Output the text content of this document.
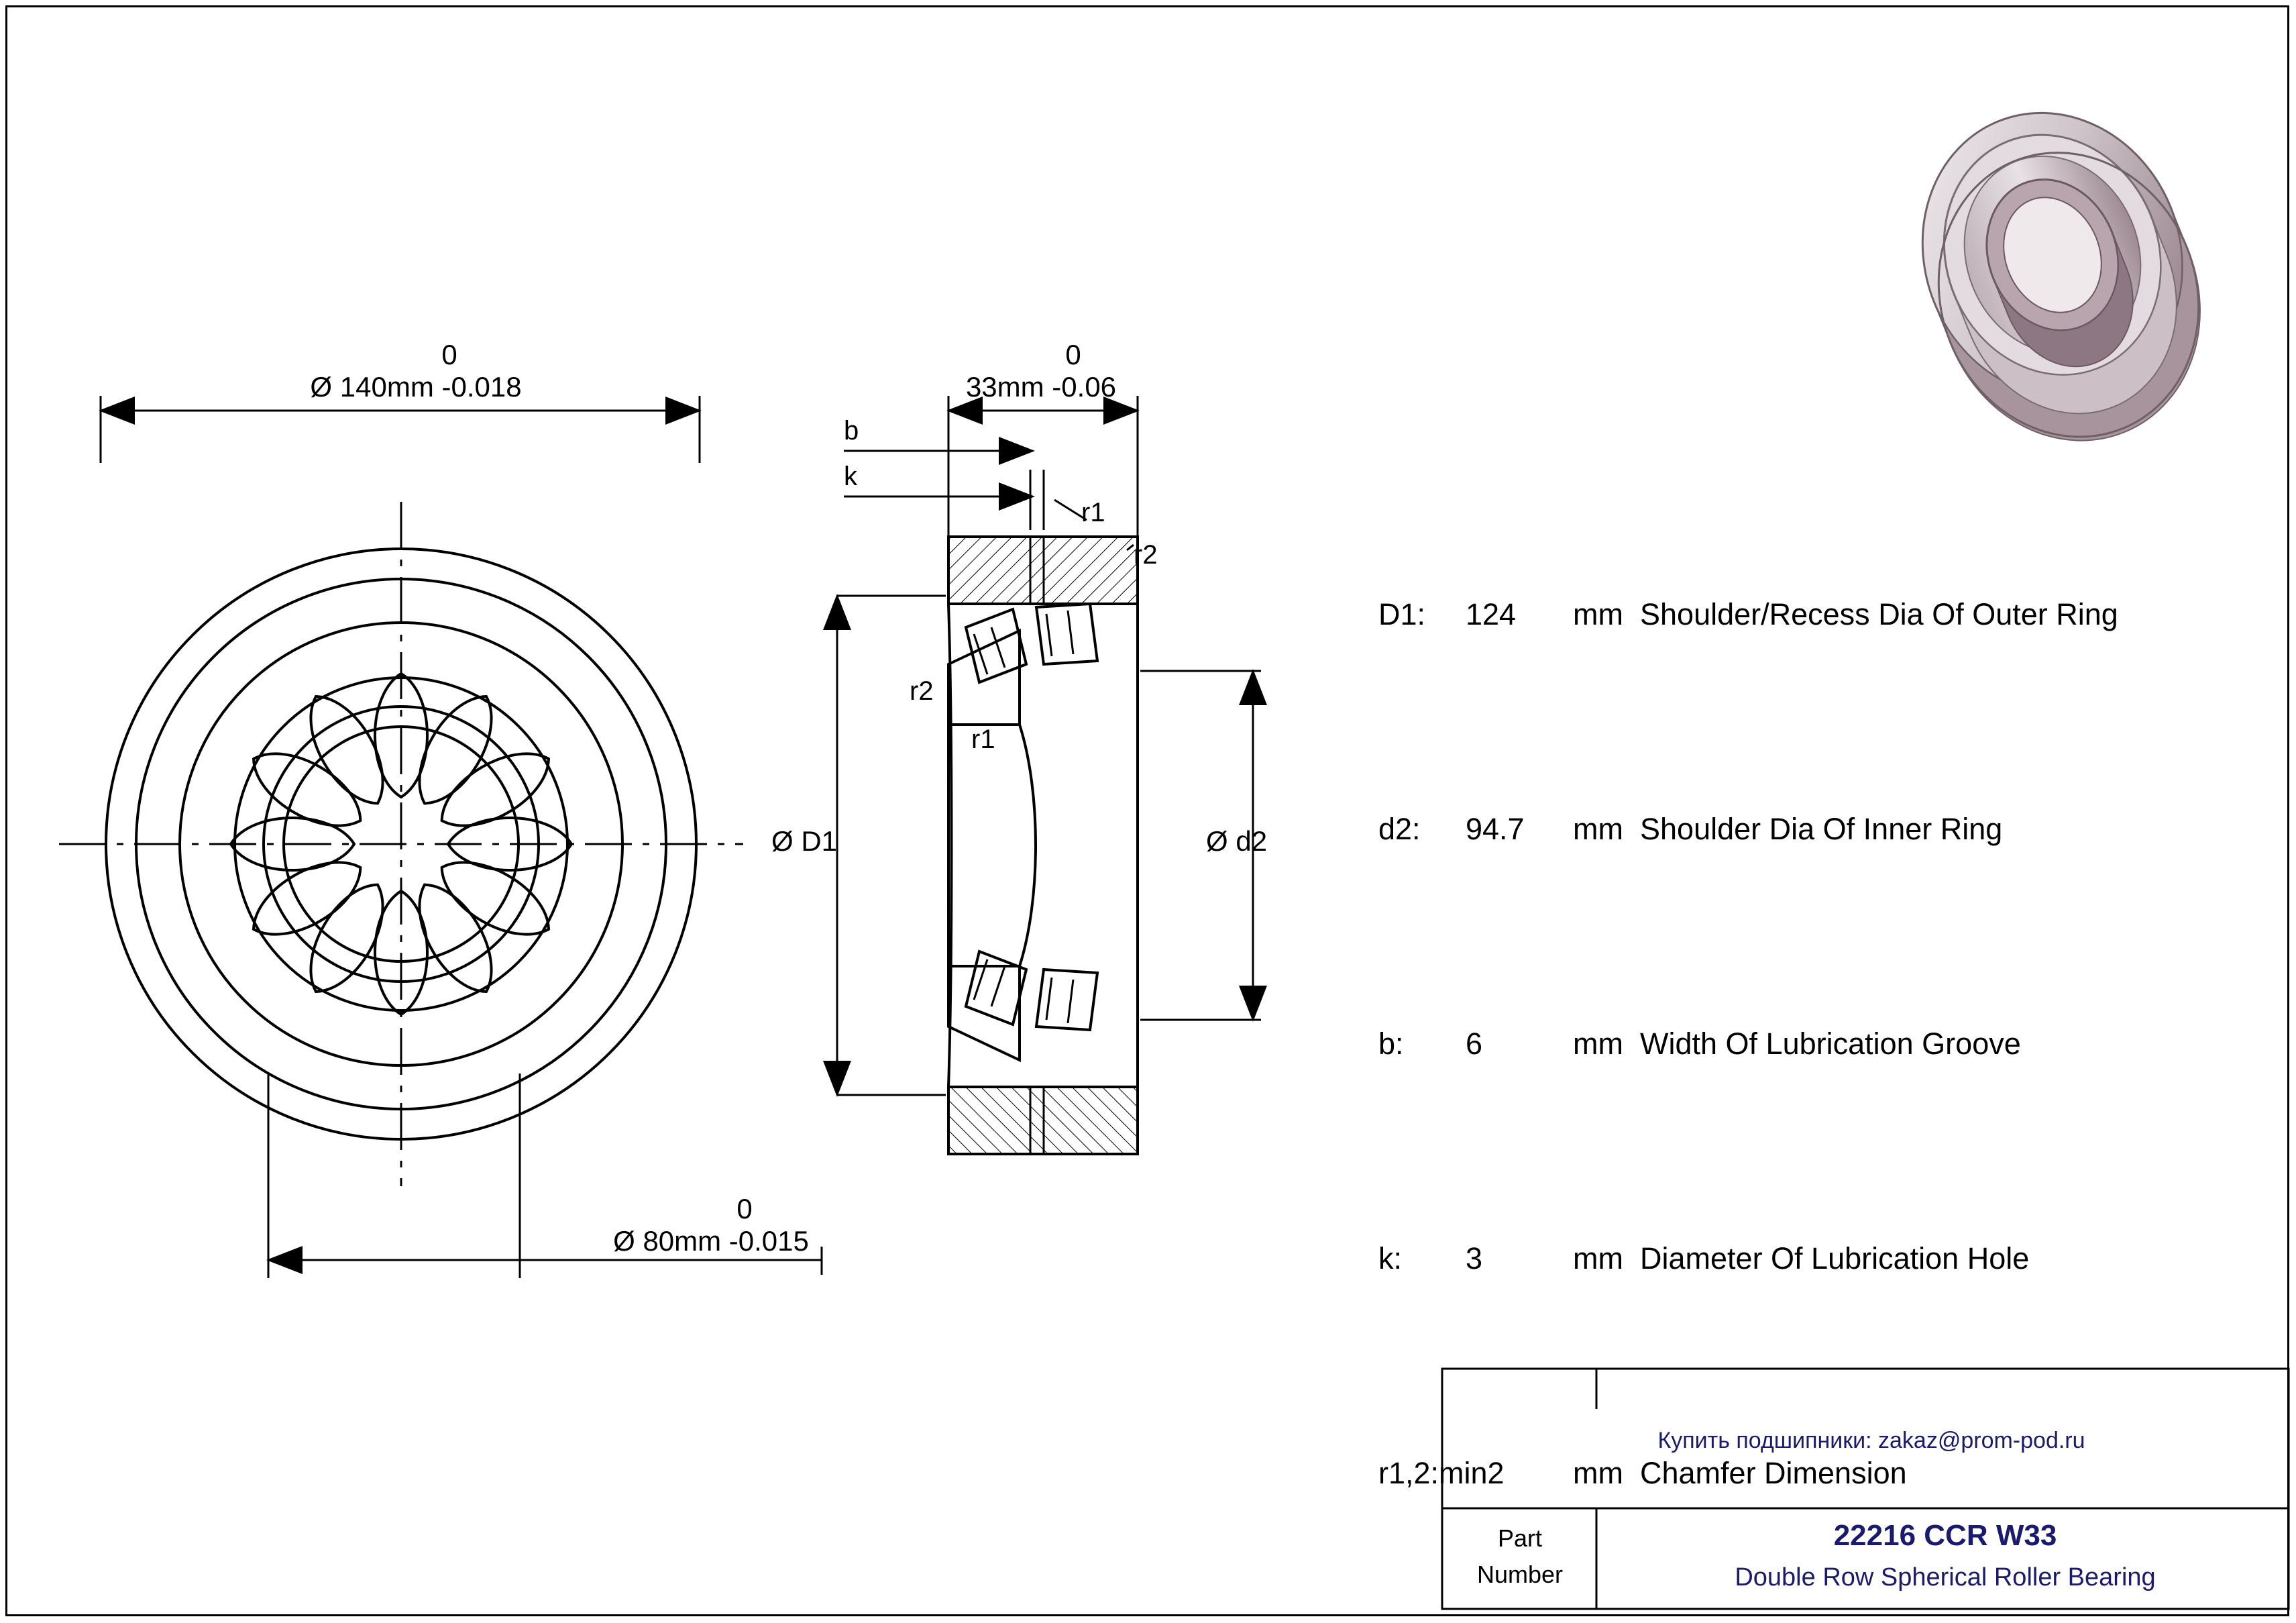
0
Ø 140mm -0.018
0
Ø 80mm -0.015
0
33mm -0.06
b
k
r1
r2
r2
r1
Ø D1	Ø d2
D1: 124 mm Shoulder/Recess Dia Of Outer Ring
d2: 94.7 mm Shoulder Dia Of Inner Ring
b: 6	mm Width Of Lubrication Groove
k: 3	mm Diameter Of Lubrication Hole
r1,2:min2 mm Chamfer Dimension
Купить подшипники: zakaz@prom-pod.ru
Part
Number
22216 CCR W33
Double Row Spherical Roller Bearing
